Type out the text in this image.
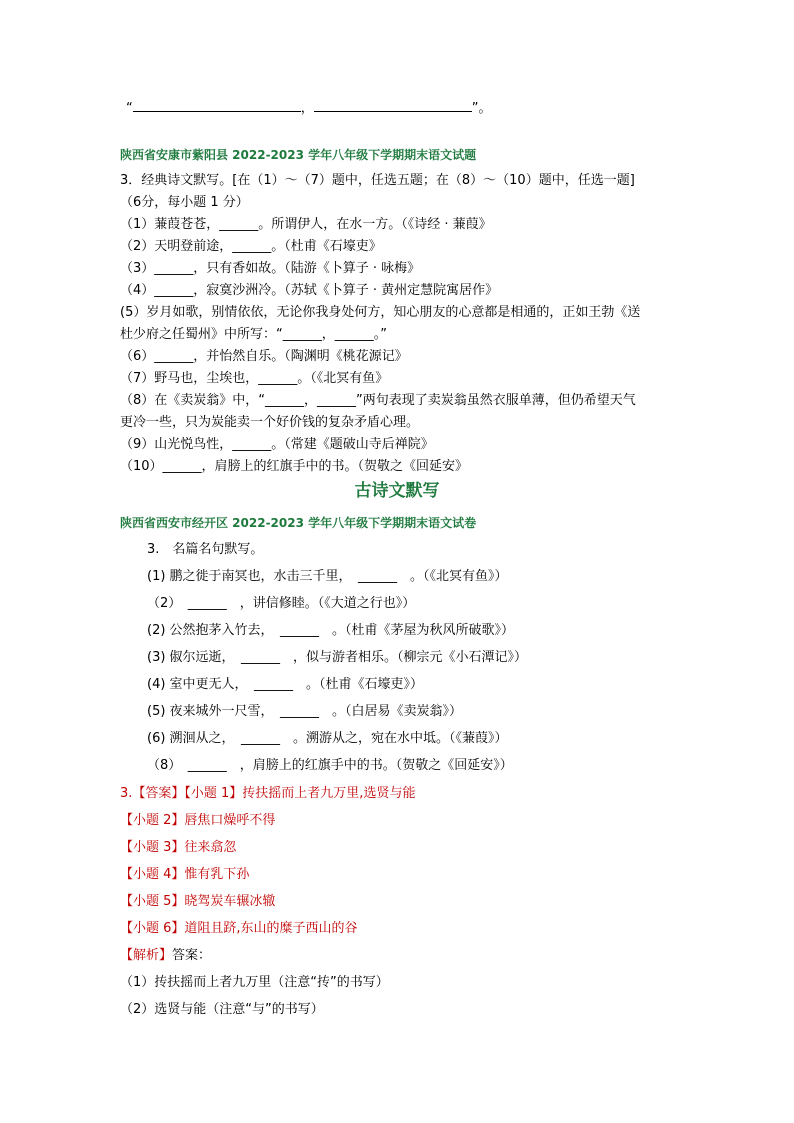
“	，	”。
陕西省安康市紫阳县 2022-2023 学年八年级下学期期末语文试题
3．经典诗文默写。[在（1）～（7）题中，任选五题；在（8）～（10）题中，任选一题]
（6分，每小题 1 分）
（1）蒹葭苍苍，______。所谓伊人，在水一方。（《诗经 · 蒹葭》
（2）天明登前途，______。（杜甫《石壕吏》
（3）______，只有香如故。（陆游《卜算子 · 咏梅》
（4）______，寂寞沙洲冷。（苏轼《卜算子 · 黄州定慧院寓居作》
(5）岁月如歌，别情依依，无论你我身处何方，知心朋友的心意都是相通的，正如王勃《送
杜少府之任蜀州》中所写：“______，______。”
（6）______，并怡然自乐。（陶渊明《桃花源记》
（7）野马也，尘埃也，______。（《北冥有鱼》
（8）在《卖炭翁》中，“______，______”两句表现了卖炭翁虽然衣服单薄，但仍希望天气
更冷一些，只为炭能卖一个好价钱的复杂矛盾心理。
（9）山光悦鸟性，______。（常建《题破山寺后禅院》
（10）______，肩膀上的红旗手中的书。（贺敬之《回延安》
古诗文默写
陕西省西安市经开区 2022-2023 学年八年级下学期期末语文试卷
3.　名篇名句默写。
(1) 鹏之徙于南冥也，水击三千里，　______　。（《北冥有鱼》）
（2）　______　，讲信修睦。（《大道之行也》）
(2) 公然抱茅入竹去，　______　。（杜甫《茅屋为秋风所破歌》）
(3) 俶尔远逝，　______　，似与游者相乐。（柳宗元《小石潭记》）
(4) 室中更无人，　______　。（杜甫《石壕吏》）
(5) 夜来城外一尺雪，　______　。（白居易《卖炭翁》）
(6) 溯洄从之，　______　。溯游从之，宛在水中坻。（《蒹葭》）
（8）　______　，肩膀上的红旗手中的书。（贺敬之《回延安》）
3.【答案】【小题 1】抟扶摇而上者九万里,选贤与能
【小题 2】唇焦口燥呼不得
【小题 3】往来翕忽
【小题 4】惟有乳下孙
【小题 5】晓驾炭车辗冰辙
【小题 6】道阻且跻,东山的糜子西山的谷
【解析】答案：
（1）抟扶摇而上者九万里（注意“抟”的书写）
（2）选贤与能（注意“与”的书写）
